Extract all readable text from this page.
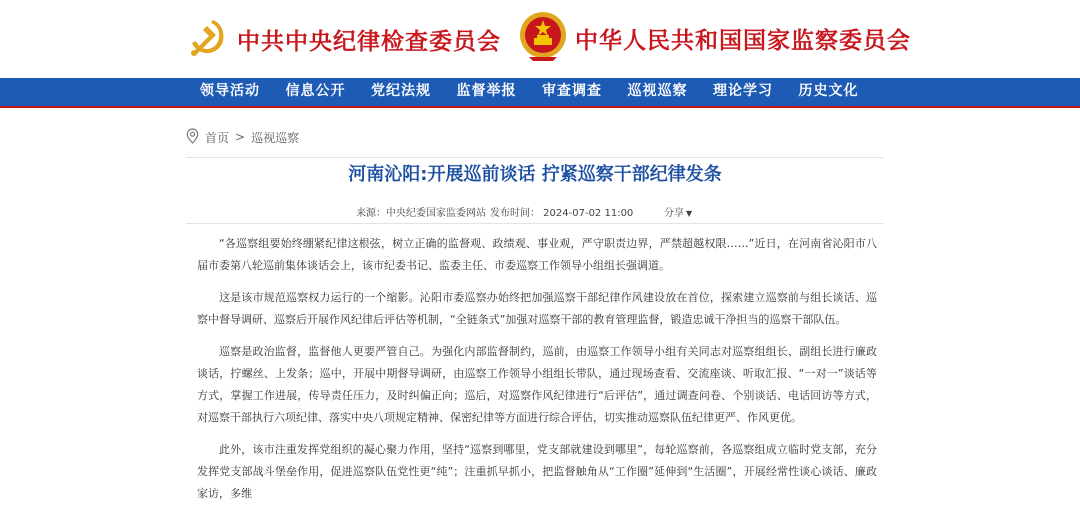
中共中央纪律检查委员会	中华人民共和国国家监察委员会
领导活动	信息公开	党纪法规	监督举报	审查调查	巡视巡察	理论学习	历史文化
首页 > 巡视巡察
河南沁阳:开展巡前谈话 拧紧巡察干部纪律发条
来源：中央纪委国家监委网站 发布时间： 2024-07-02 11:00	分享 ▼

“各巡察组要始终绷紧纪律这根弦，树立正确的监督观、政绩观、事业观，严守职责边界，严禁超越权限……”近日，在河南省沁阳市八届市委第八轮巡前集体谈话会上，该市纪委书记、监委主任、市委巡察工作领导小组组长强调道。

这是该市规范巡察权力运行的一个缩影。沁阳市委巡察办始终把加强巡察干部纪律作风建设放在首位，探索建立巡察前与组长谈话、巡察中督导调研、巡察后开展作风纪律后评估等机制，“全链条式”加强对巡察干部的教育管理监督，锻造忠诚干净担当的巡察干部队伍。

巡察是政治监督，监督他人更要严管自己。为强化内部监督制约，巡前，由巡察工作领导小组有关同志对巡察组组长、副组长进行廉政谈话，拧螺丝、上发条；巡中，开展中期督导调研，由巡察工作领导小组组长带队，通过现场查看、交流座谈、听取汇报、“一对一”谈话等方式，掌握工作进展，传导责任压力，及时纠偏正向；巡后，对巡察作风纪律进行“后评估”，通过调查问卷、个别谈话、电话回访等方式，对巡察干部执行六项纪律、落实中央八项规定精神、保密纪律等方面进行综合评估，切实推动巡察队伍纪律更严、作风更优。

此外，该市注重发挥党组织的凝心聚力作用，坚持“巡察到哪里，党支部就建设到哪里”，每轮巡察前，各巡察组成立临时党支部，充分发挥党支部战斗堡垒作用，促进巡察队伍党性更“纯”；注重抓早抓小，把监督触角从“工作圈”延伸到“生活圈”，开展经常性谈心谈话、廉政家访，多维
